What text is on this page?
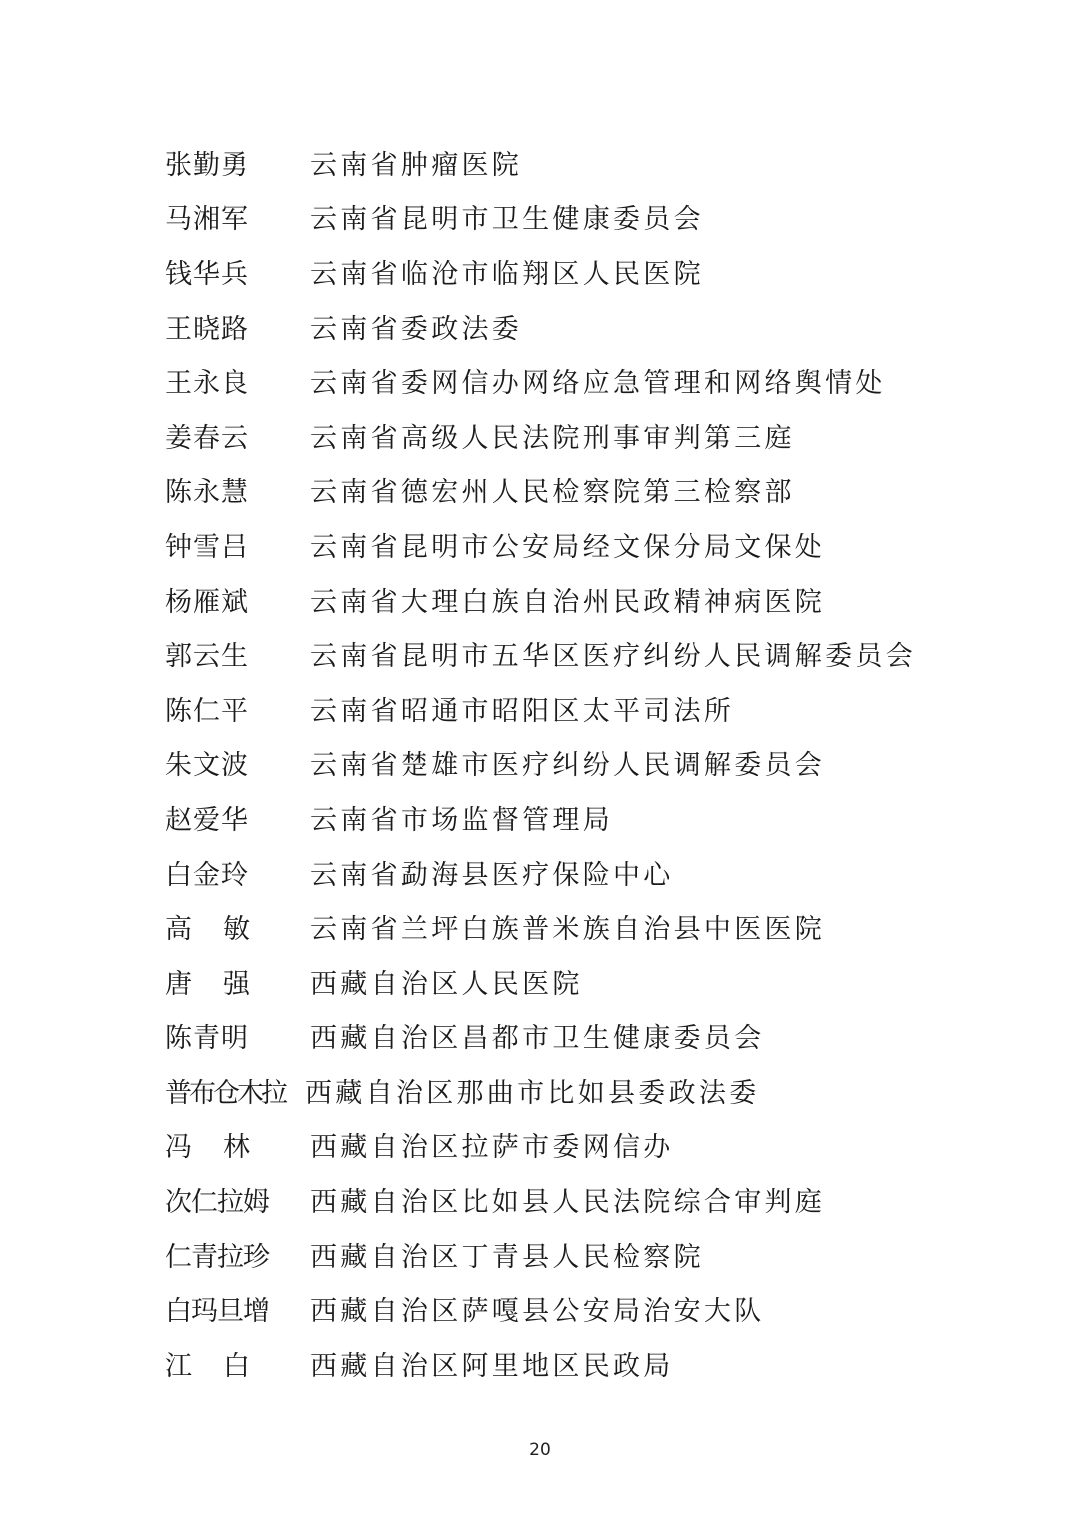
张勤勇	云南省肿瘤医院
马湘军	云南省昆明市卫生健康委员会
钱华兵	云南省临沧市临翔区人民医院
王晓路	云南省委政法委
王永良	云南省委网信办网络应急管理和网络舆情处
姜春云	云南省高级人民法院刑事审判第三庭
陈永慧	云南省德宏州人民检察院第三检察部
钟雪吕	云南省昆明市公安局经文保分局文保处
杨雁斌	云南省大理白族自治州民政精神病医院
郭云生	云南省昆明市五华区医疗纠纷人民调解委员会
陈仁平	云南省昭通市昭阳区太平司法所
朱文波	云南省楚雄市医疗纠纷人民调解委员会
赵爱华	云南省市场监督管理局
白金玲	云南省勐海县医疗保险中心
高敏	云南省兰坪白族普米族自治县中医医院
唐强	西藏自治区人民医院
陈青明	西藏自治区昌都市卫生健康委员会
普布仓木拉 西藏自治区那曲市比如县委政法委
冯林	西藏自治区拉萨市委网信办
次仁拉姆	西藏自治区比如县人民法院综合审判庭
仁青拉珍	西藏自治区丁青县人民检察院
白玛旦增	西藏自治区萨嘎县公安局治安大队
江白	西藏自治区阿里地区民政局
20
